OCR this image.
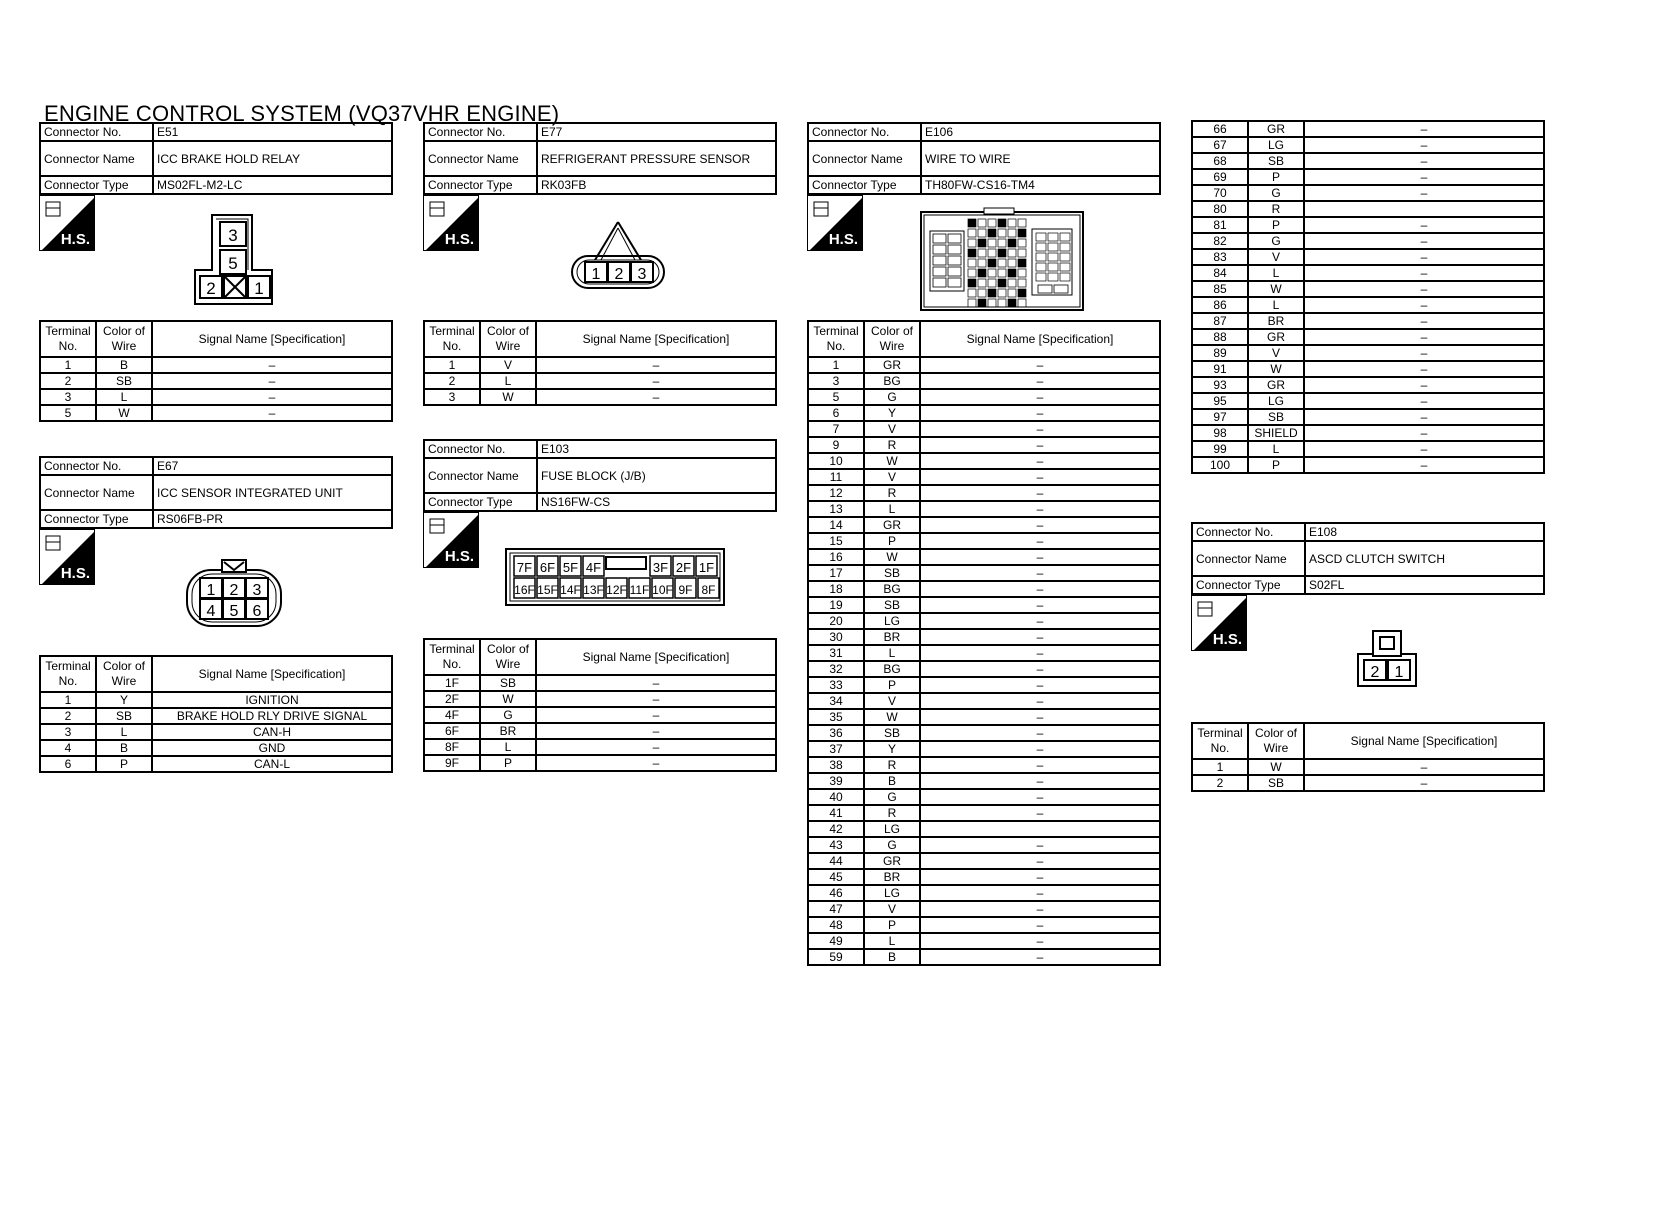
ENGINE CONTROL SYSTEM (VQ37VHR ENGINE)
Connector No.	E51
Connector Name	ICC BRAKE HOLD RELAY
Connector Type	MS02FL-M2-LC
H.S.	3
5
2 1
Terminal No.	Color of Wire	Signal Name [Specification]
1	B	–
2	SB	–
3	L	–
5	W	–
Connector No.	E67
Connector Name	ICC SENSOR INTEGRATED UNIT
Connector Type	RS06FB-PR
H.S.
1 2 3
4 5 6
Terminal No.	Color of Wire	Signal Name [Specification]
1	Y	IGNITION
2	SB	BRAKE HOLD RLY DRIVE SIGNAL
3	L	CAN-H
4	B	GND
6	P	CAN-L
Connector No.	E77
Connector Name	REFRIGERANT PRESSURE SENSOR
Connector Type	RK03FB
H.S.
1 2 3
Terminal No.	Color of Wire	Signal Name [Specification]
1	V	–
2	L	–
3	W	–
Connector No.	E103
Connector Name	FUSE BLOCK (J/B)
Connector Type	NS16FW-CS
H.S.
7F 6F 5F 4F	3F 2F 1F
16F 15F 14F 13F 12F 11F 10F 9F 8F
Terminal No.	Color of Wire	Signal Name [Specification]
1F	SB	–
2F	W	–
4F	G	–
6F	BR	–
8F	L	–
9F	P	–
Connector No.	E106
Connector Name	WIRE TO WIRE
Connector Type	TH80FW-CS16-TM4
H.S.
Terminal No.	Color of Wire	Signal Name [Specification]
1	GR	–
3	BG	–
5	G	–
6	Y	–
7	V	–
9	R	–
10	W	–
11	V	–
12	R	–
13	L	–
14	GR	–
15	P	–
16	W	–
17	SB	–
18	BG	–
19	SB	–
20	LG	–
30	BR	–
31	L	–
32	BG	–
33	P	–
34	V	–
35	W	–
36	SB	–
37	Y	–
38	R	–
39	B	–
40	G	–
41	R	–
42	LG	
43	G	–
44	GR	–
45	BR	–
46	LG	–
47	V	–
48	P	–
49	L	–
59	B	–
66	GR	–
67	LG	–
68	SB	–
69	P	–
70	G	–
80	R	
81	P	–
82	G	–
83	V	–
84	L	–
85	W	–
86	L	–
87	BR	–
88	GR	–
89	V	–
91	W	–
93	GR	–
95	LG	–
97	SB	–
98	SHIELD	–
99	L	–
100	P	–
Connector No.	E108
Connector Name	ASCD CLUTCH SWITCH
Connector Type	S02FL
H.S.
2 1
Terminal No.	Color of Wire	Signal Name [Specification]
1	W	–
2	SB	–
